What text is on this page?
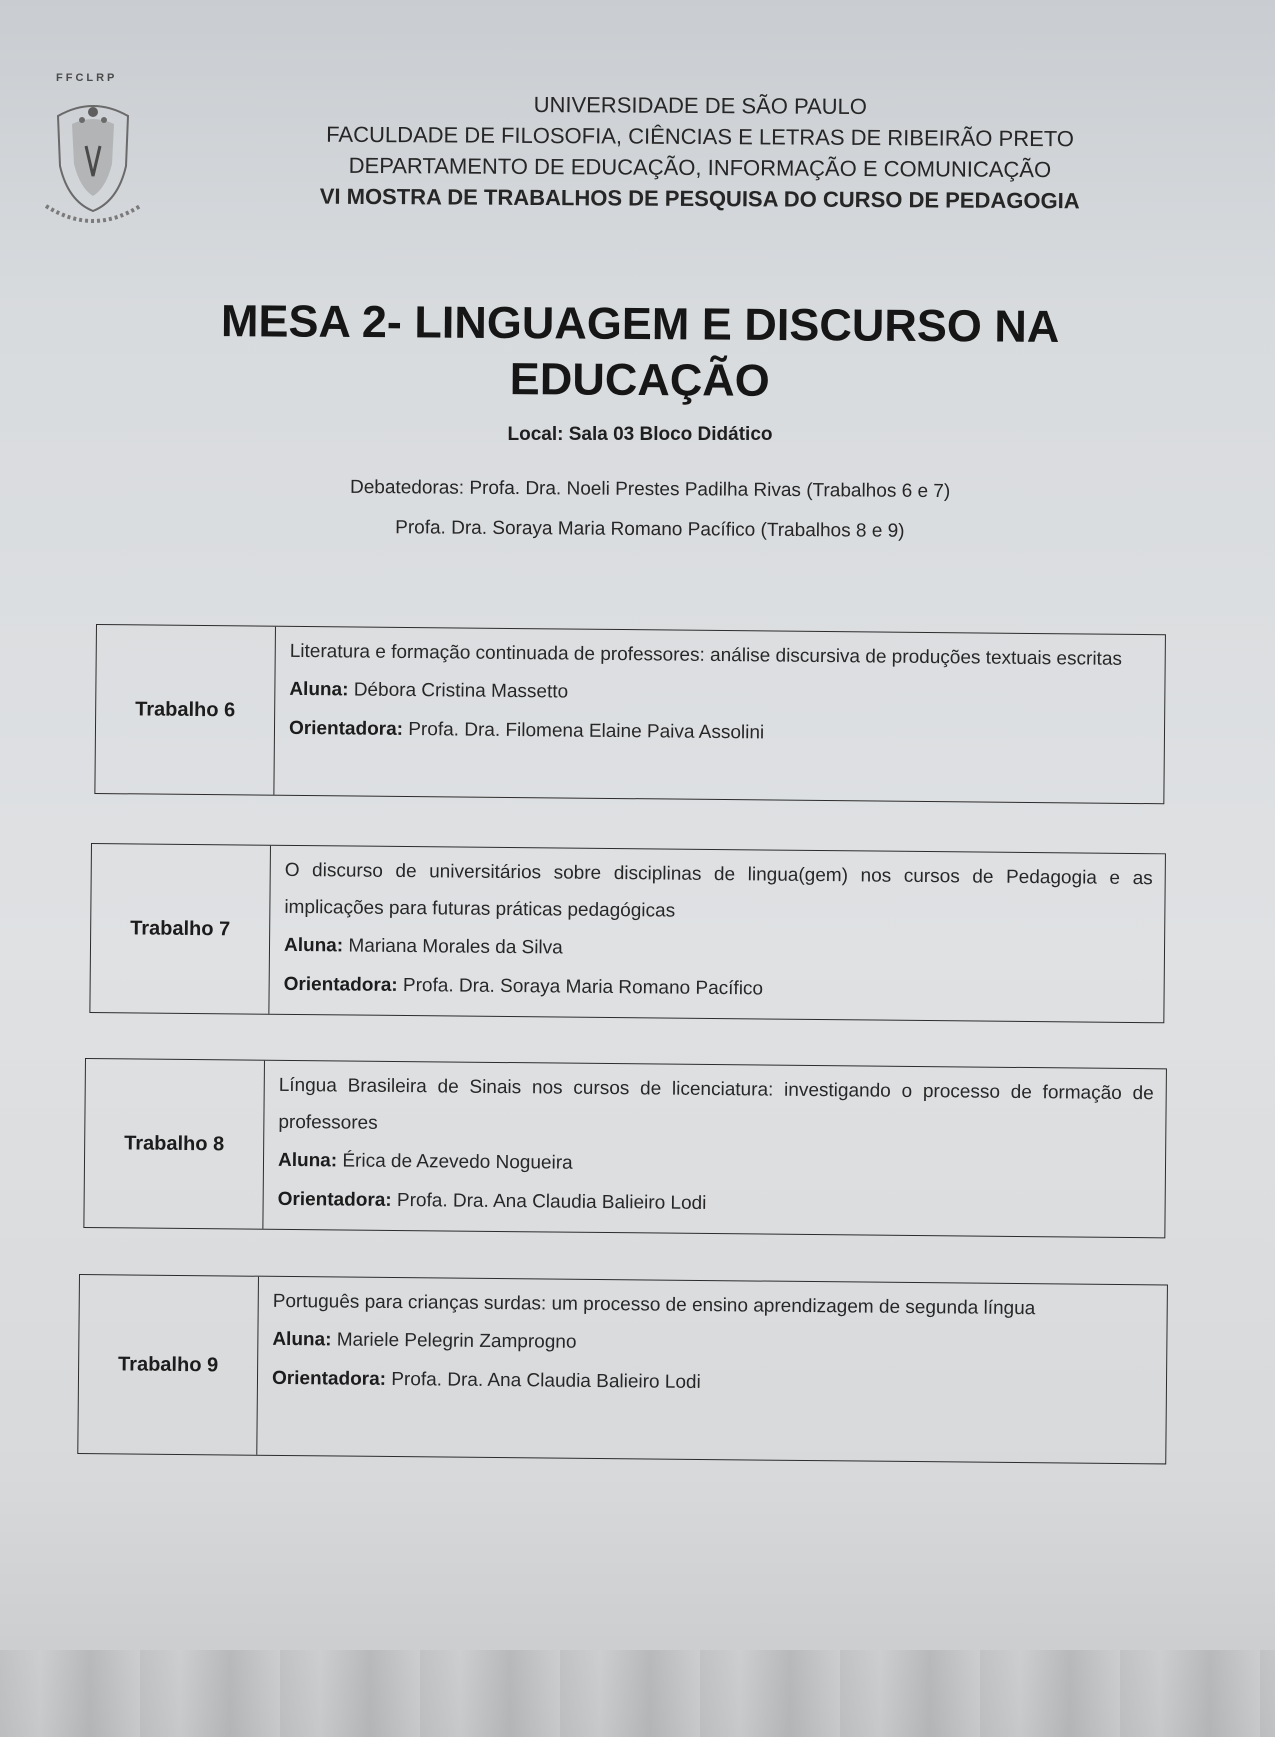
FFCLRP
UNIVERSIDADE DE SÃO PAULO
FACULDADE DE FILOSOFIA, CIÊNCIAS E LETRAS DE RIBEIRÃO PRETO
DEPARTAMENTO DE EDUCAÇÃO, INFORMAÇÃO E COMUNICAÇÃO
VI MOSTRA DE TRABALHOS DE PESQUISA DO CURSO DE PEDAGOGIA
MESA 2- LINGUAGEM E DISCURSO NA
EDUCAÇÃO
Local: Sala 03 Bloco Didático
Debatedoras: Profa. Dra. Noeli Prestes Padilha Rivas (Trabalhos 6 e 7)
Profa. Dra. Soraya Maria Romano Pacífico (Trabalhos 8 e 9)
Trabalho 6
Literatura e formação continuada de professores: análise discursiva de produções textuais escritas
Aluna: Débora Cristina Massetto
Orientadora: Profa. Dra. Filomena Elaine Paiva Assolini
Trabalho 7
O discurso de universitários sobre disciplinas de lingua(gem) nos cursos de Pedagogia e as implicações para futuras práticas pedagógicas
Aluna: Mariana Morales da Silva
Orientadora: Profa. Dra. Soraya Maria Romano Pacífico
Trabalho 8
Língua Brasileira de Sinais nos cursos de licenciatura: investigando o processo de formação de professores
Aluna: Érica de Azevedo Nogueira
Orientadora: Profa. Dra. Ana Claudia Balieiro Lodi
Trabalho 9
Português para crianças surdas: um processo de ensino aprendizagem de segunda língua
Aluna: Mariele Pelegrin Zamprogno
Orientadora: Profa. Dra. Ana Claudia Balieiro Lodi
